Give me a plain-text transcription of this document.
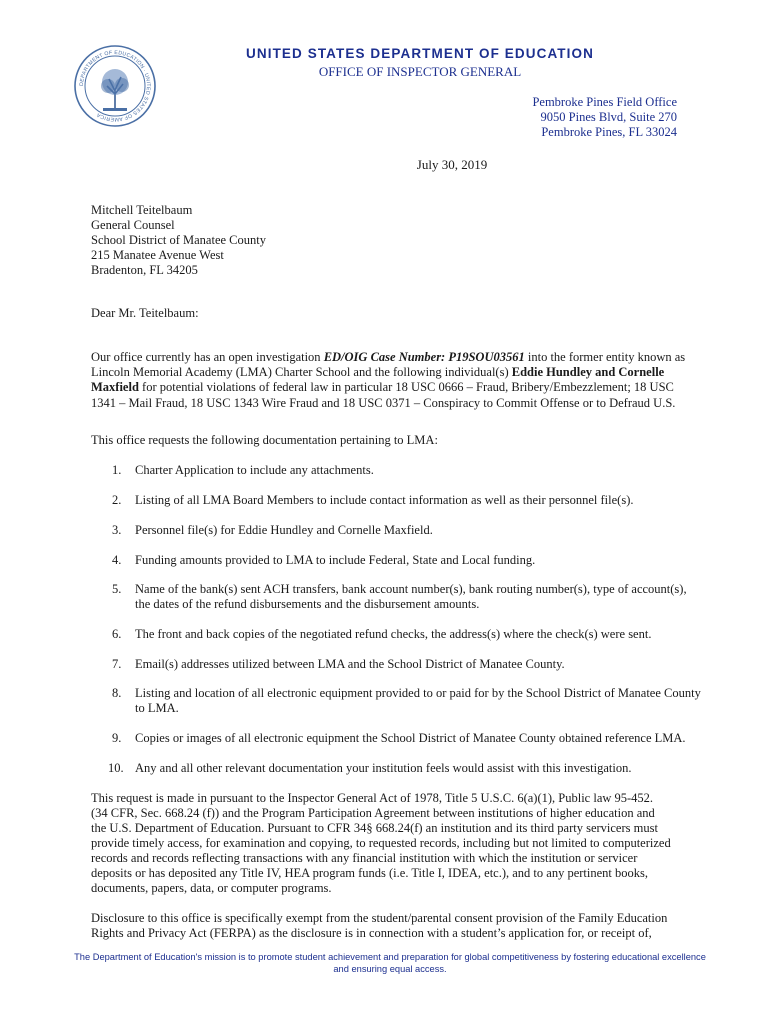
DEPARTMENT OF EDUCATION · UNITED STATES OF AMERICA
UNITED STATES DEPARTMENT OF EDUCATION
OFFICE OF INSPECTOR GENERAL
Pembroke Pines Field Office
9050 Pines Blvd, Suite 270
Pembroke Pines, FL 33024
July 30, 2019
Mitchell Teitelbaum
General Counsel
School District of Manatee County
215 Manatee Avenue West
Bradenton, FL 34205
Dear Mr. Teitelbaum:
Our office currently has an open investigation ED/OIG Case Number: P19SOU03561 into the former entity known as Lincoln Memorial Academy (LMA) Charter School and the following individual(s) Eddie Hundley and Cornelle Maxfield for potential violations of federal law in particular 18 USC 0666 – Fraud, Bribery/Embezzlement; 18 USC 1341 – Mail Fraud, 18 USC 1343 Wire Fraud and 18 USC 0371 – Conspiracy to Commit Offense or to Defraud U.S.
This office requests the following documentation pertaining to LMA:
1. Charter Application to include any attachments.
2. Listing of all LMA Board Members to include contact information as well as their personnel file(s).
3. Personnel file(s) for Eddie Hundley and Cornelle Maxfield.
4. Funding amounts provided to LMA to include Federal, State and Local funding.
5. Name of the bank(s) sent ACH transfers, bank account number(s), bank routing number(s), type of account(s), the dates of the refund disbursements and the disbursement amounts.
6. The front and back copies of the negotiated refund checks, the address(s) where the check(s) were sent.
7. Email(s) addresses utilized between LMA and the School District of Manatee County.
8. Listing and location of all electronic equipment provided to or paid for by the School District of Manatee County to LMA.
9. Copies or images of all electronic equipment the School District of Manatee County obtained reference LMA.
10. Any and all other relevant documentation your institution feels would assist with this investigation.
This request is made in pursuant to the Inspector General Act of 1978, Title 5 U.S.C. 6(a)(1), Public law 95-452. (34 CFR, Sec. 668.24 (f)) and the Program Participation Agreement between institutions of higher education and the U.S. Department of Education. Pursuant to CFR 34§ 668.24(f) an institution and its third party servicers must provide timely access, for examination and copying, to requested records, including but not limited to computerized records and records reflecting transactions with any financial institution with which the institution or servicer deposits or has deposited any Title IV, HEA program funds (i.e. Title I, IDEA, etc.), and to any pertinent books, documents, papers, data, or computer programs.
Disclosure to this office is specifically exempt from the student/parental consent provision of the Family Education Rights and Privacy Act (FERPA) as the disclosure is in connection with a student’s application for, or receipt of,
The Department of Education's mission is to promote student achievement and preparation for global competitiveness by fostering educational excellence and ensuring equal access.
